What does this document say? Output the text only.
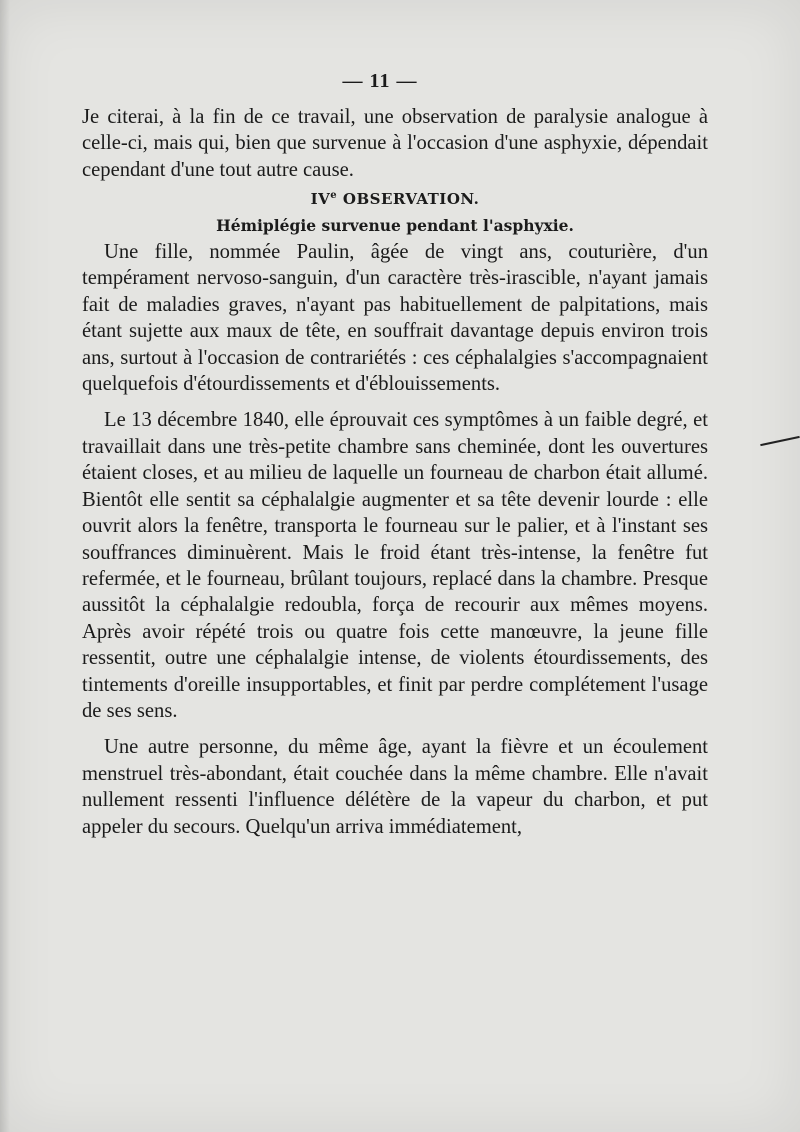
— 11 —

Je citerai, à la fin de ce travail, une observation de paralysie analogue à celle-ci, mais qui, bien que survenue à l'occasion d'une asphyxie, dépendait cependant d'une tout autre cause.

IVe OBSERVATION.

Hémiplégie survenue pendant l'asphyxie.

Une fille, nommée Paulin, âgée de vingt ans, couturière, d'un tempérament nervoso-sanguin, d'un caractère très-irascible, n'ayant jamais fait de maladies graves, n'ayant pas habituellement de palpitations, mais étant sujette aux maux de tête, en souffrait davantage depuis environ trois ans, surtout à l'occasion de contrariétés : ces céphalalgies s'accompagnaient quelquefois d'étourdissements et d'éblouissements.

Le 13 décembre 1840, elle éprouvait ces symptômes à un faible degré, et travaillait dans une très-petite chambre sans cheminée, dont les ouvertures étaient closes, et au milieu de laquelle un fourneau de charbon était allumé. Bientôt elle sentit sa céphalalgie augmenter et sa tête devenir lourde : elle ouvrit alors la fenêtre, transporta le fourneau sur le palier, et à l'instant ses souffrances diminuèrent. Mais le froid étant très-intense, la fenêtre fut refermée, et le fourneau, brûlant toujours, replacé dans la chambre. Presque aussitôt la céphalalgie redoubla, força de recourir aux mêmes moyens. Après avoir répété trois ou quatre fois cette manœuvre, la jeune fille ressentit, outre une céphalalgie intense, de violents étourdissements, des tintements d'oreille insupportables, et finit par perdre complétement l'usage de ses sens.

Une autre personne, du même âge, ayant la fièvre et un écoulement menstruel très-abondant, était couchée dans la même chambre. Elle n'avait nullement ressenti l'influence délétère de la vapeur du charbon, et put appeler du secours. Quelqu'un arriva immédiatement,
